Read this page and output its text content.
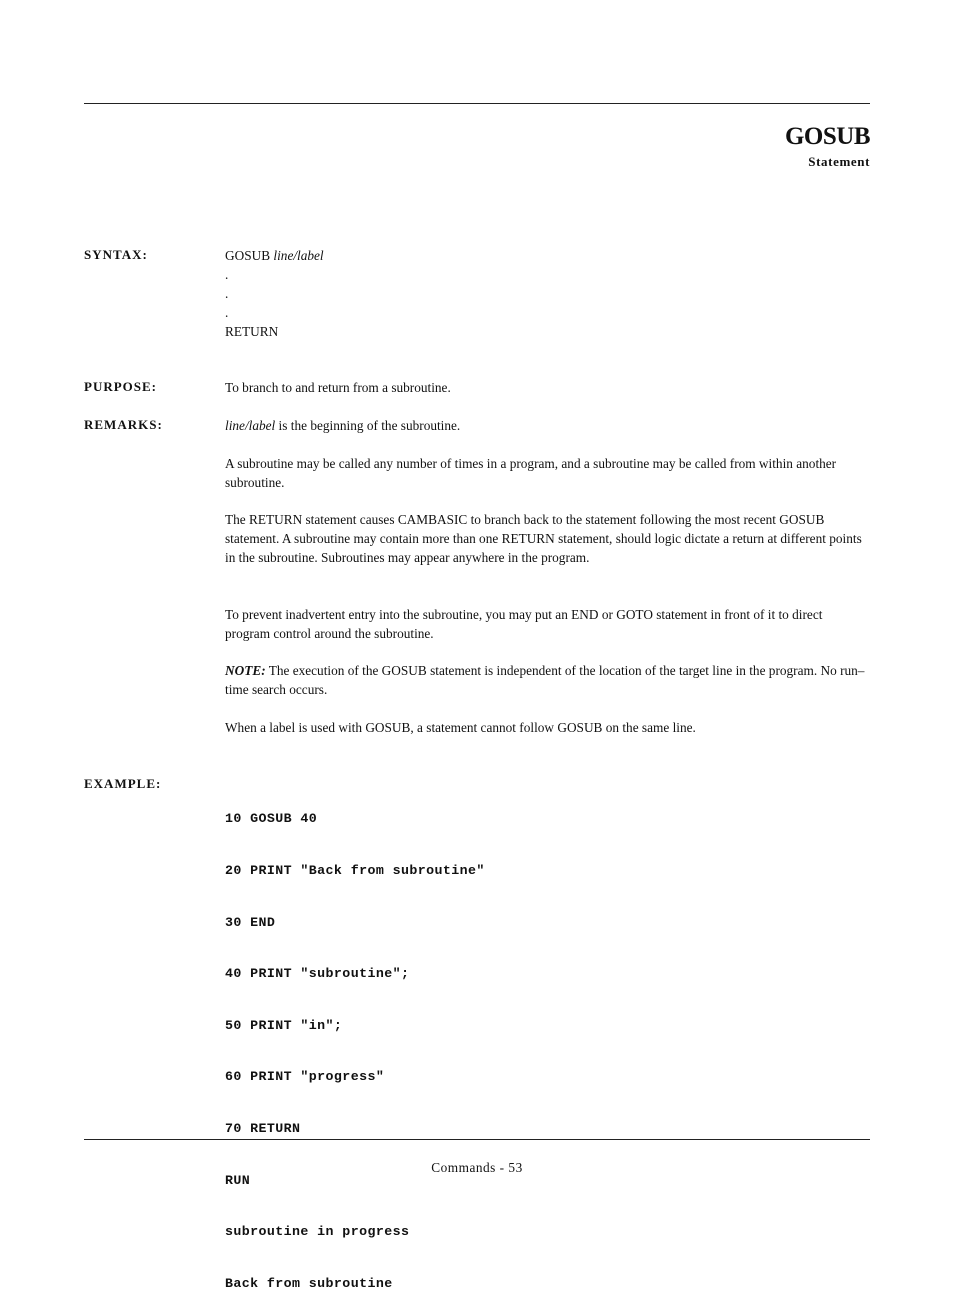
GOSUB
Statement
SYNTAX:	GOSUB line/label
.
.
.
RETURN
PURPOSE:	To branch to and return from a subroutine.
REMARKS:	line/label is the beginning of the subroutine.
A subroutine may be called any number of times in a program, and a subroutine may be called from within another subroutine.
The RETURN statement causes CAMBASIC to branch back to the statement following the most recent GOSUB statement. A subroutine may contain more than one RETURN statement, should logic dictate a return at different points in the subroutine. Subroutines may appear anywhere in the program.
To prevent inadvertent entry into the subroutine, you may put an END or GOTO statement in front of it to direct program control around the subroutine.
NOTE: The execution of the GOSUB statement is independent of the location of the target line in the program. No run– time search occurs.
When a label is used with GOSUB, a statement cannot follow GOSUB on the same line.
EXAMPLE:

10 GOSUB 40

20 PRINT "Back from subroutine"

30 END

40 PRINT "subroutine";

50 PRINT "in";

60 PRINT "progress"

70 RETURN

RUN

subroutine in progress

Back from subroutine

Commands - 53
